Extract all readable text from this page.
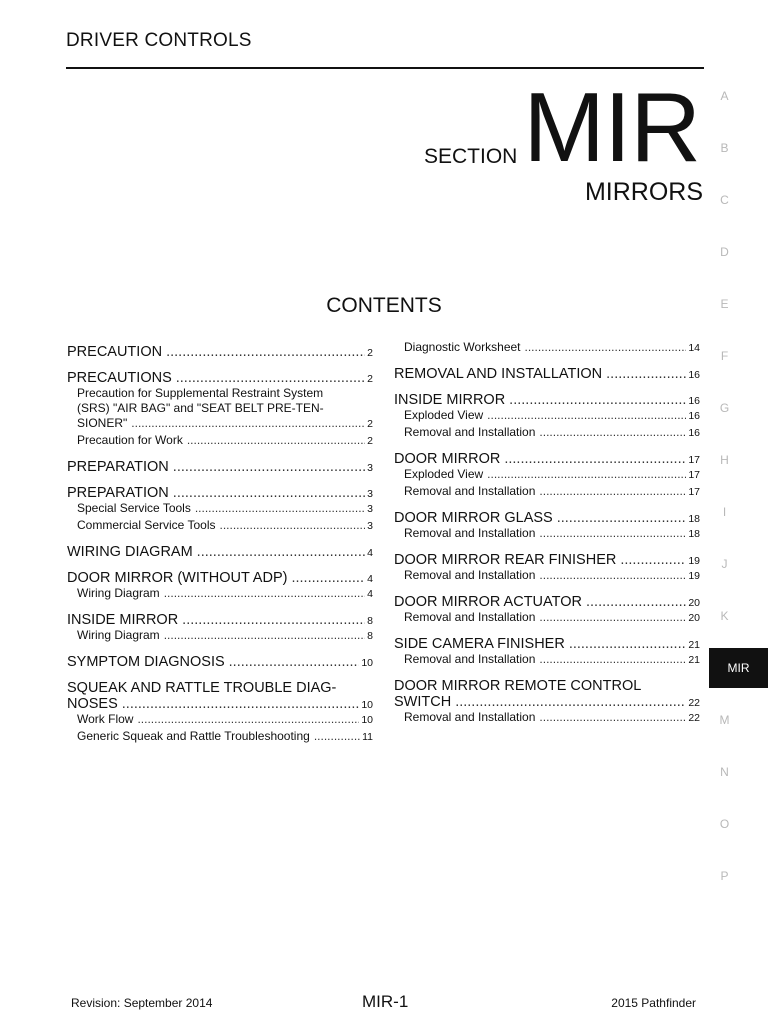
DRIVER CONTROLS
SECTION MIR
MIRRORS
CONTENTS
PRECAUTION .....	2
PRECAUTIONS .....	2
Precaution for Supplemental Restraint System
(SRS) "AIR BAG" and "SEAT BELT PRE-TEN-
SIONER" .....	2
Precaution for Work .....	2
PREPARATION .....	3
PREPARATION .....	3
Special Service Tools .....	3
Commercial Service Tools .....	3
WIRING DIAGRAM .....	4
DOOR MIRROR (WITHOUT ADP) .....	4
Wiring Diagram .....	4
INSIDE MIRROR .....	8
Wiring Diagram .....	8
SYMPTOM DIAGNOSIS .....	10
SQUEAK AND RATTLE TROUBLE DIAG-
NOSES .....	10
Work Flow .....	10
Generic Squeak and Rattle Troubleshooting .....	11
Diagnostic Worksheet .....	14
REMOVAL AND INSTALLATION .....	16
INSIDE MIRROR .....	16
Exploded View .....	16
Removal and Installation .....	16
DOOR MIRROR .....	17
Exploded View .....	17
Removal and Installation .....	17
DOOR MIRROR GLASS .....	18
Removal and Installation .....	18
DOOR MIRROR REAR FINISHER .....	19
Removal and Installation .....	19
DOOR MIRROR ACTUATOR .....	20
Removal and Installation .....	20
SIDE CAMERA FINISHER .....	21
Removal and Installation .....	21
DOOR MIRROR REMOTE CONTROL
SWITCH .....	22
Removal and Installation .....	22
A
B
C
D
E
F
G
H
I
J
K
MIR
M
N
O
P
Revision: September 2014	MIR-1	2015 Pathfinder
